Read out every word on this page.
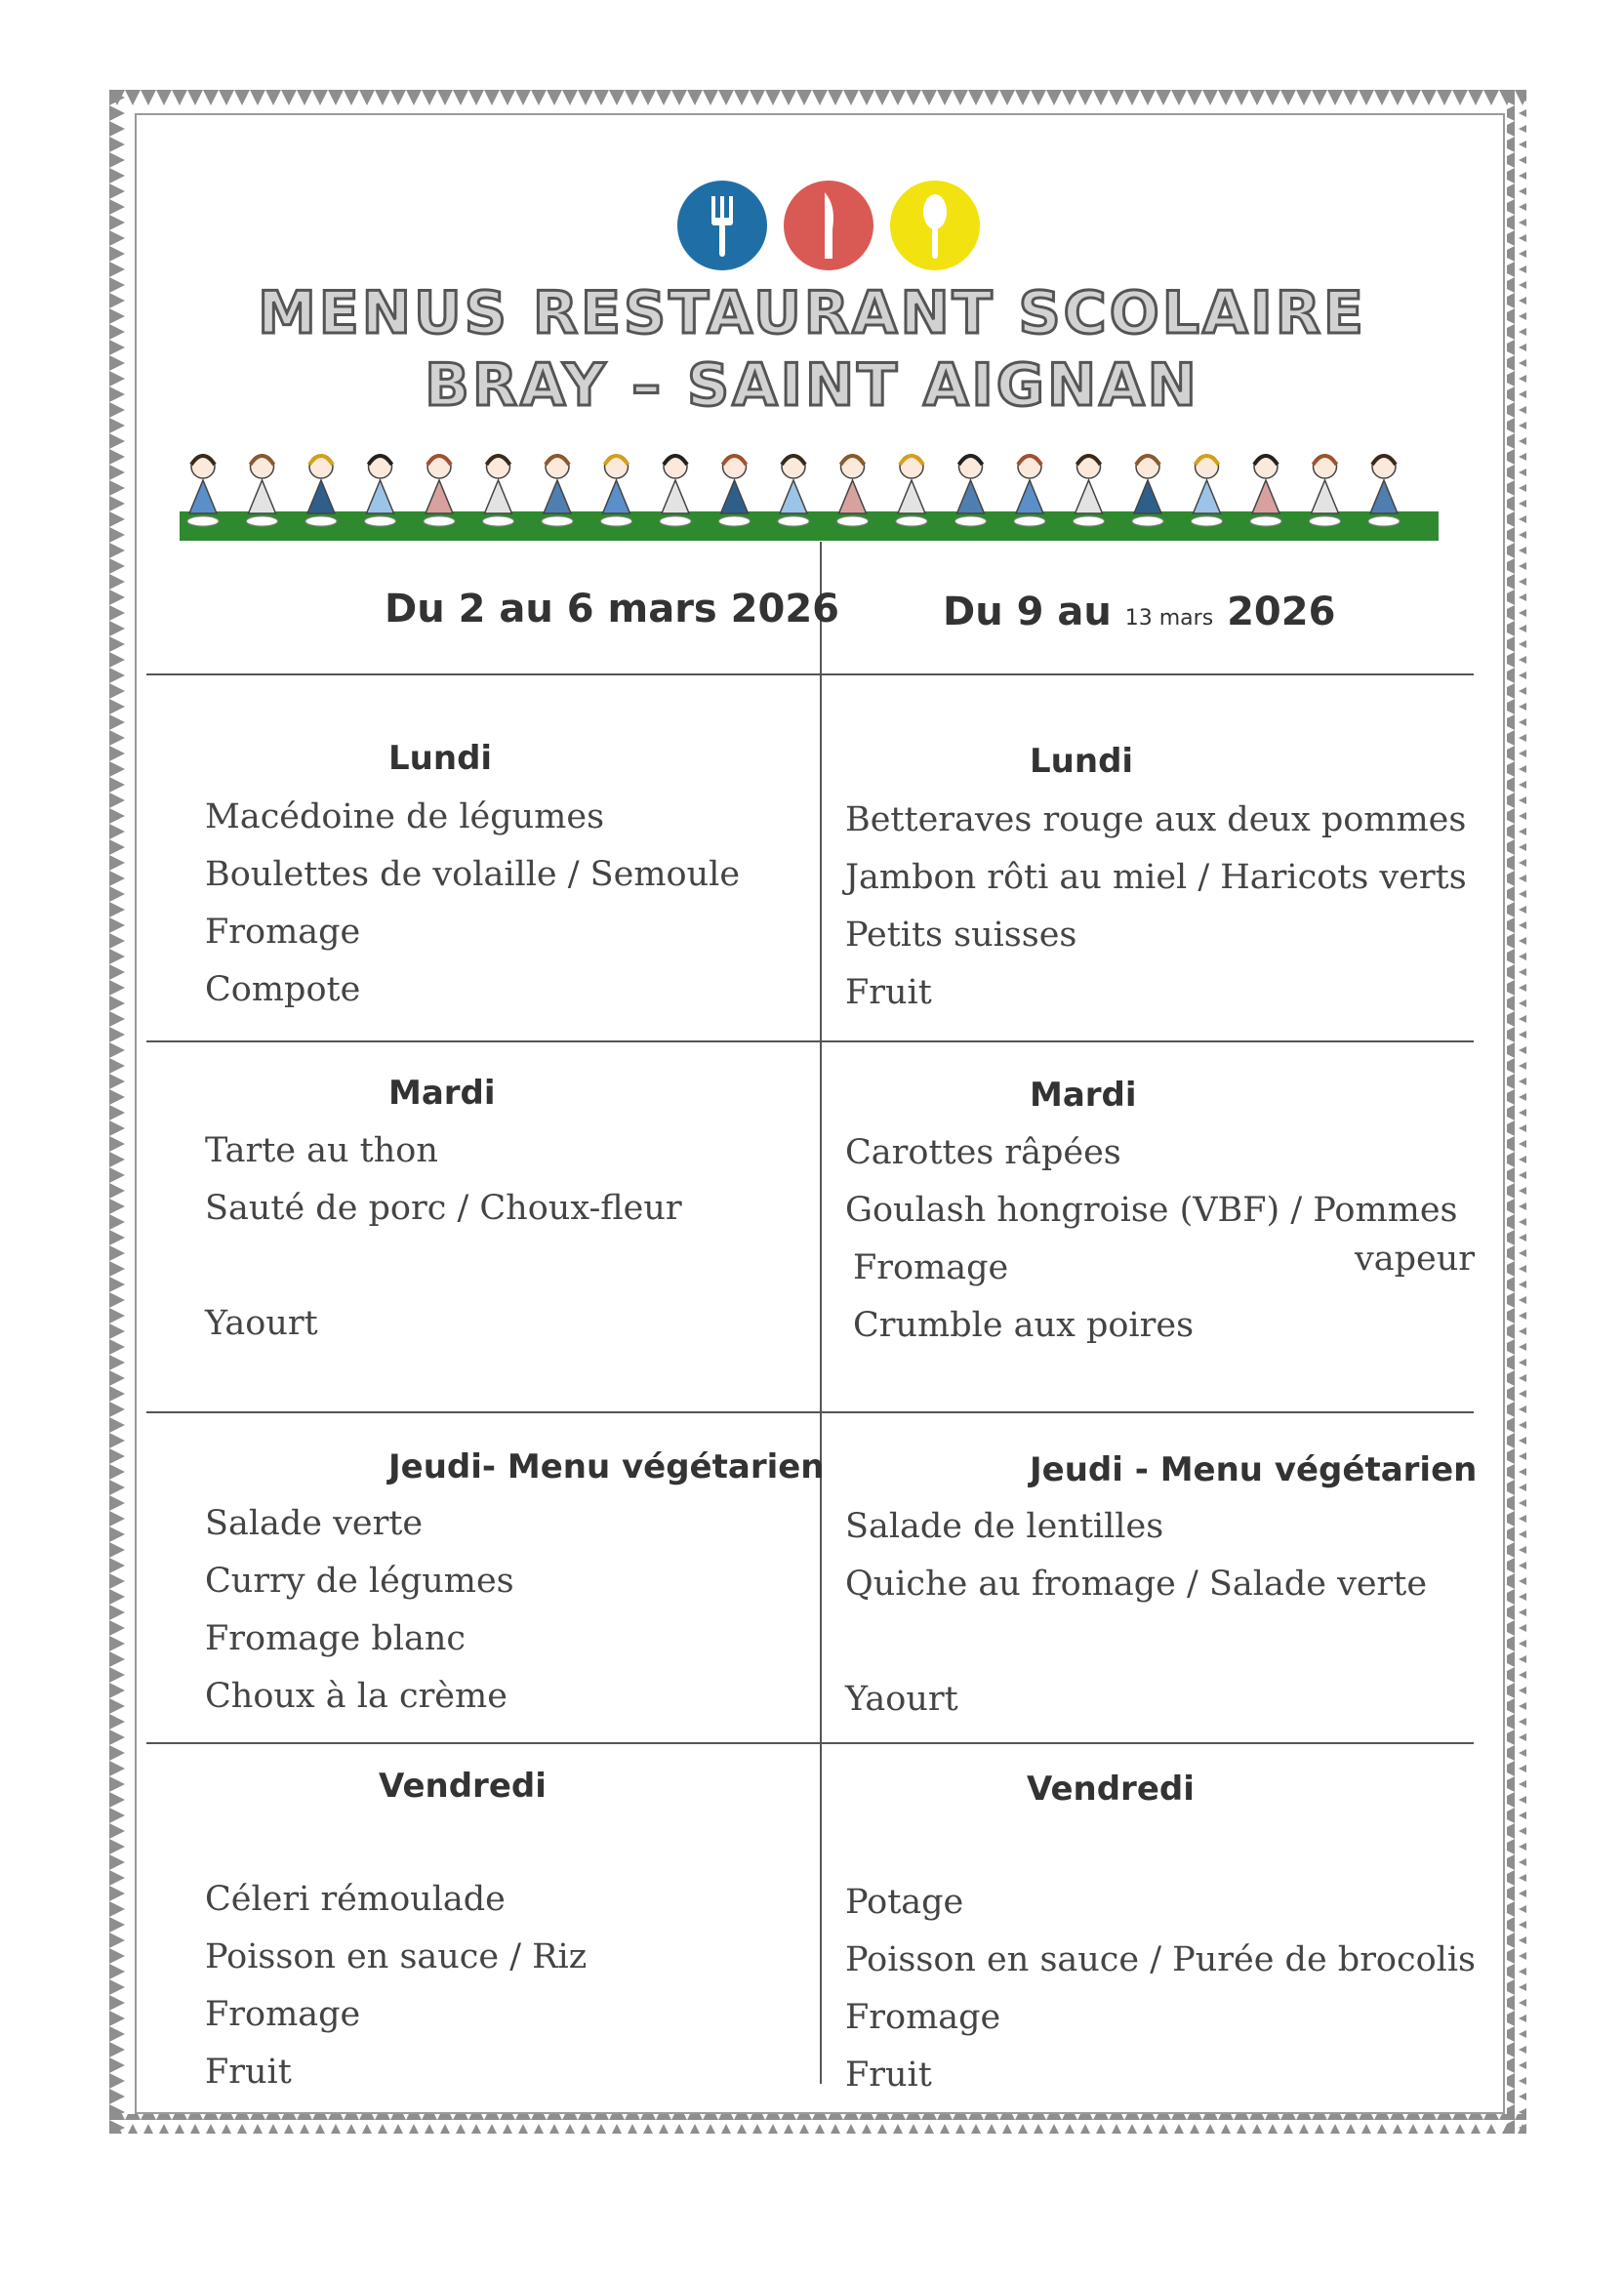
MENUS RESTAURANT SCOLAIRE
BRAY – SAINT AIGNAN
Du 2 au 6 mars 2026	Du 9 au 13 mars 2026
Lundi
Macédoine de légumes
Boulettes de volaille / Semoule
Fromage
Compote
Mardi
Tarte au thon
Sauté de porc / Choux-fleur
Yaourt
Jeudi- Menu végétarien
Salade verte
Curry de légumes
Fromage blanc
Choux à la crème
Vendredi
Céleri rémoulade
Poisson en sauce / Riz
Fromage
Fruit
Lundi
Betteraves rouge aux deux pommes
Jambon rôti au miel / Haricots verts
Petits suisses
Fruit
Mardi
Carottes râpées
Goulash hongroise (VBF) / Pommes
Fromage
Crumble aux poires
vapeur
Jeudi - Menu végétarien
Salade de lentilles
Quiche au fromage / Salade verte
Yaourt
Vendredi
Potage
Poisson en sauce / Purée de brocolis
Fromage
Fruit
